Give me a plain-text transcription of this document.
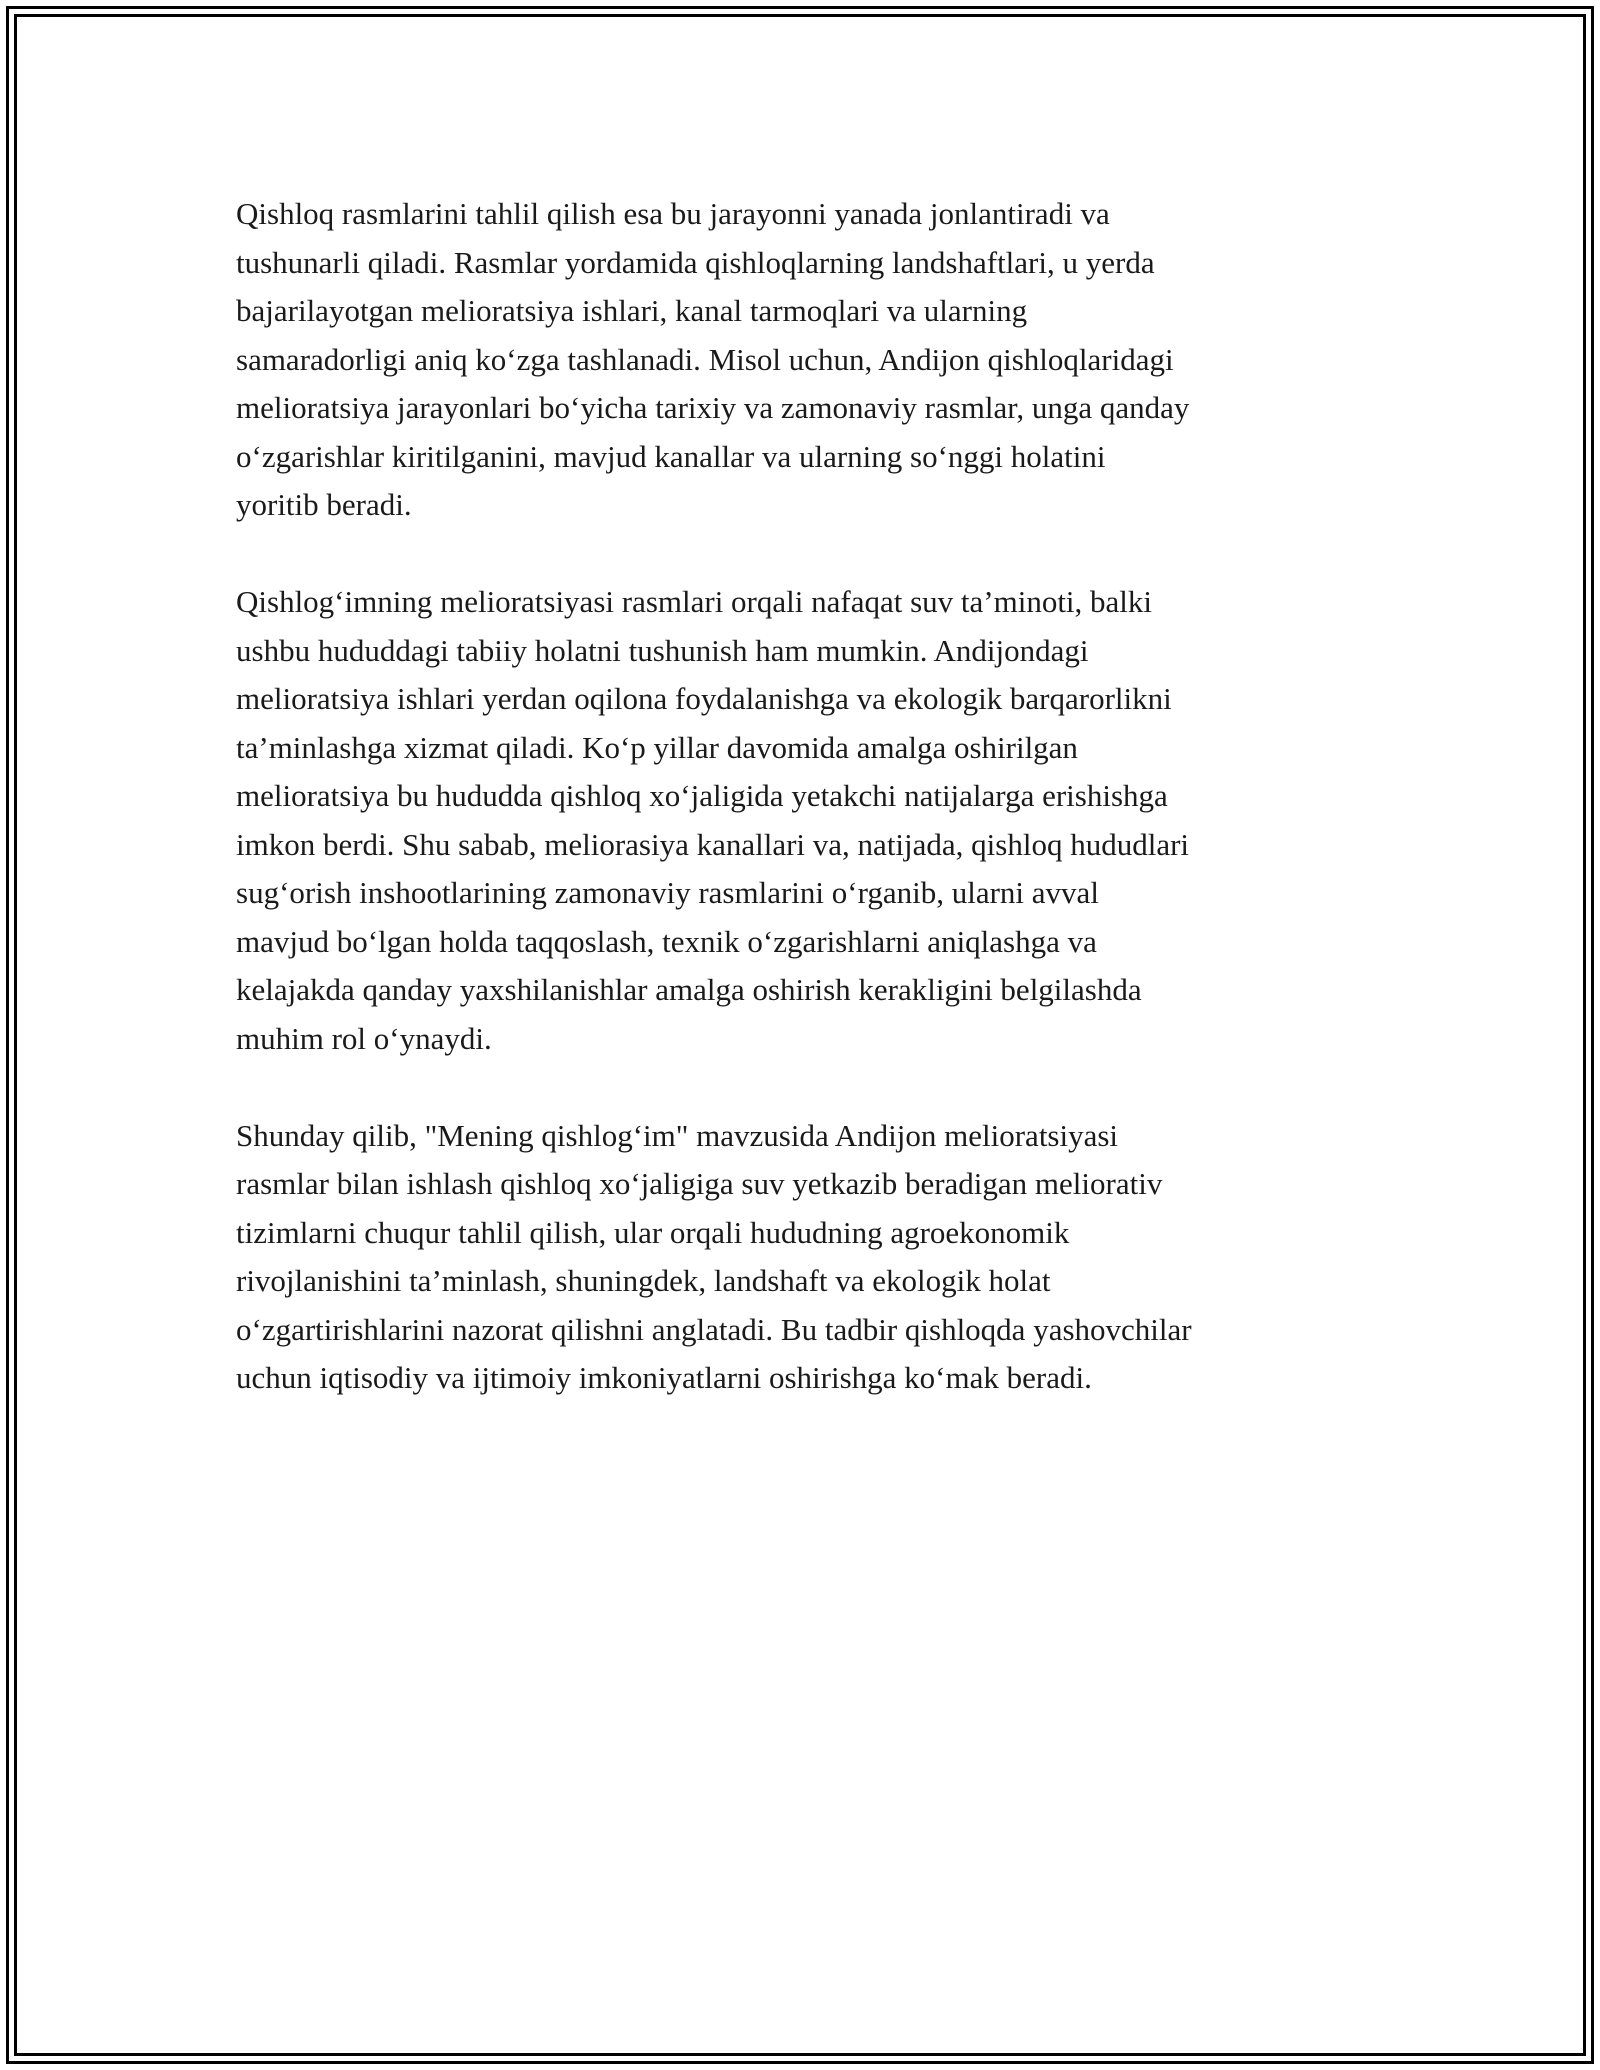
Qishloq rasmlarini tahlil qilish esa bu jarayonni yanada jonlantiradi va
tushunarli qiladi. Rasmlar yordamida qishloqlarning landshaftlari, u yerda
bajarilayotgan melioratsiya ishlari, kanal tarmoqlari va ularning
samaradorligi aniq ko‘zga tashlanadi. Misol uchun, Andijon qishloqlaridagi
melioratsiya jarayonlari bo‘yicha tarixiy va zamonaviy rasmlar, unga qanday
o‘zgarishlar kiritilganini, mavjud kanallar va ularning so‘nggi holatini
yoritib beradi.

Qishlog‘imning melioratsiyasi rasmlari orqali nafaqat suv ta’minoti, balki
ushbu hududdagi tabiiy holatni tushunish ham mumkin. Andijondagi
melioratsiya ishlari yerdan oqilona foydalanishga va ekologik barqarorlikni
ta’minlashga xizmat qiladi. Ko‘p yillar davomida amalga oshirilgan
melioratsiya bu hududda qishloq xo‘jaligida yetakchi natijalarga erishishga
imkon berdi. Shu sabab, meliorasiya kanallari va, natijada, qishloq hududlari
sug‘orish inshootlarining zamonaviy rasmlarini o‘rganib, ularni avval
mavjud bo‘lgan holda taqqoslash, texnik o‘zgarishlarni aniqlashga va
kelajakda qanday yaxshilanishlar amalga oshirish kerakligini belgilashda
muhim rol o‘ynaydi.

Shunday qilib, "Mening qishlog‘im" mavzusida Andijon melioratsiyasi
rasmlar bilan ishlash qishloq xo‘jaligiga suv yetkazib beradigan meliorativ
tizimlarni chuqur tahlil qilish, ular orqali hududning agroekonomik
rivojlanishini ta’minlash, shuningdek, landshaft va ekologik holat
o‘zgartirishlarini nazorat qilishni anglatadi. Bu tadbir qishloqda yashovchilar
uchun iqtisodiy va ijtimoiy imkoniyatlarni oshirishga ko‘mak beradi.
